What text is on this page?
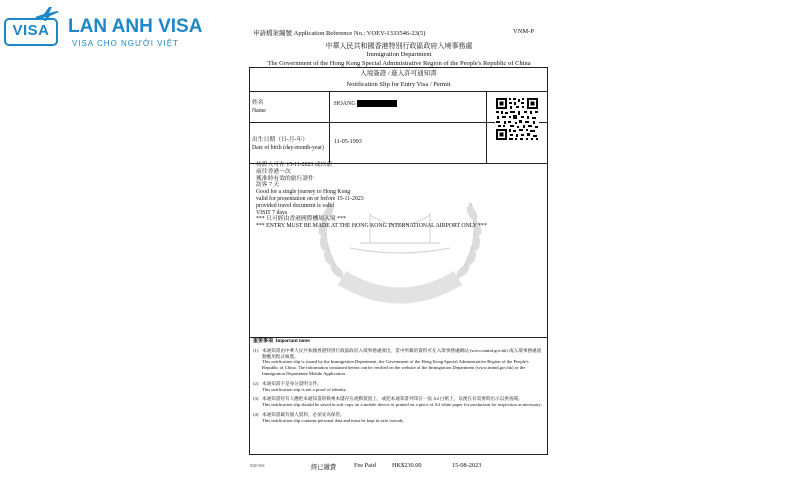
VISA LAN ANH VISA
VISA CHO NGƯỜI VIỆT
申請檔案編號 Application Reference No.: VOEV-1333546-23(5)	VNM-P
中華人民共和國香港特別行政區政府入境事務處
Immigration Department
The Government of the Hong Kong Special Administrative Region of the People's Republic of China
入境簽證 / 進入許可通知書
Notification Slip for Entry Visa / Permit
姓名
Name
HOANG
出生日期（日-月-年）
Date of birth (day-month-year)
11-05-1993
持證人可在 15-11-2023 或以前
前往香港一次
獲准時有效的旅行證件
訪客 7 天
Good for a single journey to Hong Kong
valid for presentation on or before 15-11-2023
provided travel document is valid
VISIT 7 days
*** 只可經由香港國際機場入境 ***
*** ENTRY MUST BE MADE AT THE HONG KONG INTERNATIONAL AIRPORT ONLY ***
重要事項 Important notes
(1) 本通知書由中華人民共和國香港特別行政區政府入境事務處發出，當中所載的資料可在入境事務處網站 (www.immd.gov.hk) 或入境事務處流動應用程式核實。
This notification slip is issued by the Immigration Department, the Government of the Hong Kong Special Administrative Region of the People's Republic of China. The information contained herein can be verified on the website of the Immigration Department (www.immd.gov.hk) or the Immigration Department Mobile Application.
(2) 本通知書不是身分證明文件。
This notification slip is not a proof of identity.
(3) 本通知書持有人應把本通知書的軟複本儲存在流動裝置上，或把本通知書列印在一張 A4 白紙上，以便在有需要時出示以供查閱。
This notification slip should be saved in soft copy on a mobile device or printed on a piece of A4 white paper for production for inspection as necessary.
(4) 本通知書載有個人資料，必須妥為保管。
This notification slip contains personal data and must be kept in safe custody.
ID(E)904	經已繳費	Fee Paid	HK$230.00	15-08-2023
